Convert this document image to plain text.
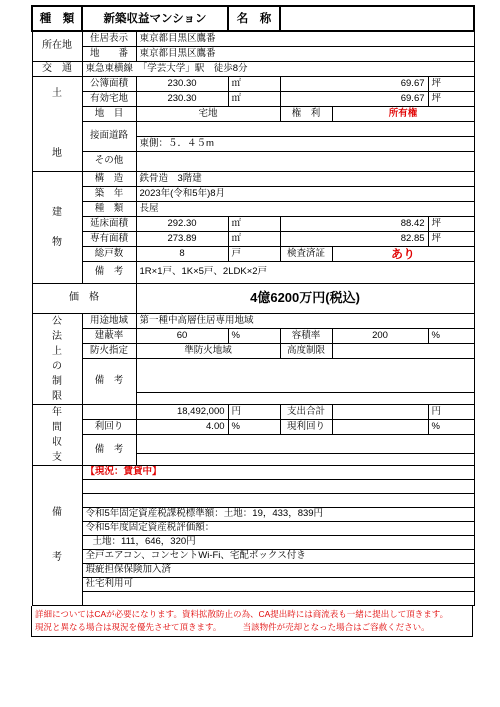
種　類	新築収益マンション		名　称			
所在地	住居表示	東京都目黒区鷹番				
	地　　番	東京都目黒区鷹番				
交　通	東急東横線　「学芸大学」駅　徒歩8分					
土

地	公簿面積	230.30	㎡	69.67		坪
	有効宅地	230.30	㎡	69.67		坪
	地　目	宅地		権　利	所有権	
	接面道路					
		東側：５．４５m				
	その他					
建

物	構　造	鉄骨造　3階建				
	築　年	2023年(令和5年)8月				
	種　類	長屋				
	延床面積	292.30	㎡	88.42		坪
	専有面積	273.89	㎡	82.85		坪
	総戸数	8	戸	検査済証	あり	
	備　考	1R×1戸、1K×5戸、2LDK×2戸				
価　格		4億6200万円(税込)				
公法上の制限	用途地域	第一種中高層住居専用地域				
	建蔽率	60	%	容積率	200	%
	防火指定	準防火地域		高度制限		
	備　考					

年間収支		18,492,000	円	支出合計		円
	利回り	4.00	%	現利回り		%
	備　考					

備

考	【現況：賃貸中】					

	令和5年固定資産税課税標準額：土地：19，433，839円					
	令和5年度固定資産税評価額：					
	土地：111，646，320円					
	全戸エアコン、コンセントWi-Fi、宅配ボックス付き					
	瑕疵担保保険加入済					
	社宅利用可					

詳細についてはCAが必要になります。資料拡散防止の為、CA提出時には商流表も一緒に提出して頂きます。
現況と異なる場合は現況を優先させて頂きます。　　　当該物件が売却となった場合はご容赦ください。
